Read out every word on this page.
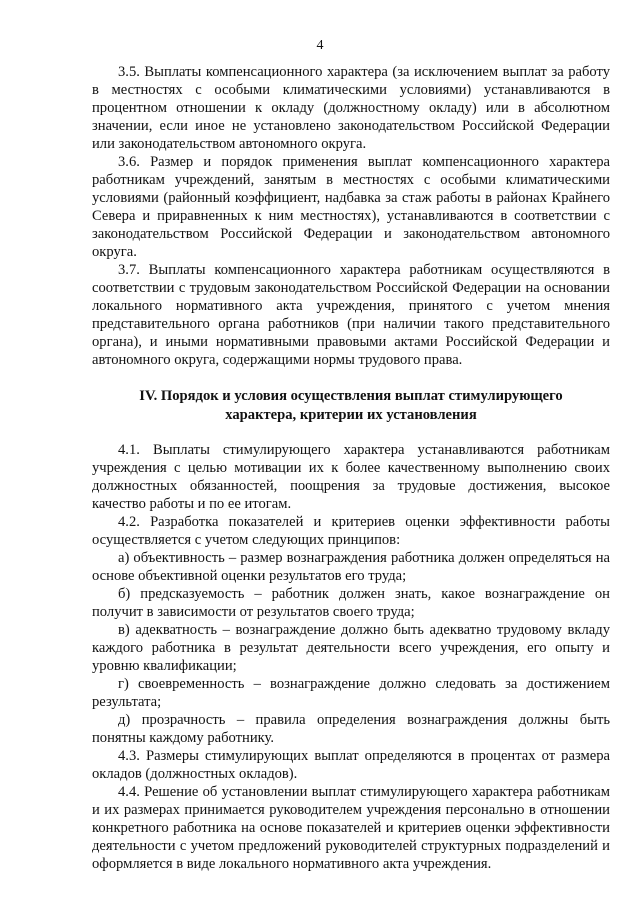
4

3.5. Выплаты компенсационного характера (за исключением выплат за работу в местностях с особыми климатическими условиями) устанавливаются в процентном отношении к окладу (должностному окладу) или в абсолютном значении, если иное не установлено законодательством Российской Федерации или законодательством автономного округа.

3.6. Размер и порядок применения выплат компенсационного характера работникам учреждений, занятым в местностях с особыми климатическими условиями (районный коэффициент, надбавка за стаж работы в районах Крайнего Севера и приравненных к ним местностях), устанавливаются в соответствии с законодательством Российской Федерации и законодательством автономного округа.

3.7. Выплаты компенсационного характера работникам осуществляются в соответствии с трудовым законодательством Российской Федерации на основании локального нормативного акта учреждения, принятого с учетом мнения представительного органа работников (при наличии такого представительного органа), и иными нормативными правовыми актами Российской Федерации и автономного округа, содержащими нормы трудового права.

IV. Порядок и условия осуществления выплат стимулирующего
характера, критерии их установления

4.1. Выплаты стимулирующего характера устанавливаются работникам учреждения с целью мотивации их к более качественному выполнению своих должностных обязанностей, поощрения за трудовые достижения, высокое качество работы и по ее итогам.

4.2. Разработка показателей и критериев оценки эффективности работы осуществляется с учетом следующих принципов:

а) объективность – размер вознаграждения работника должен определяться на основе объективной оценки результатов его труда;

б) предсказуемость – работник должен знать, какое вознаграждение он получит в зависимости от результатов своего труда;

в) адекватность – вознаграждение должно быть адекватно трудовому вкладу каждого работника в результат деятельности всего учреждения, его опыту и уровню квалификации;

г) своевременность – вознаграждение должно следовать за достижением результата;

д) прозрачность – правила определения вознаграждения должны быть понятны каждому работнику.

4.3. Размеры стимулирующих выплат определяются в процентах от размера окладов (должностных окладов).

4.4. Решение об установлении выплат стимулирующего характера работникам и их размерах принимается руководителем учреждения персонально в отношении конкретного работника на основе показателей и критериев оценки эффективности деятельности с учетом предложений руководителей структурных подразделений и оформляется в виде локального нормативного акта учреждения.
